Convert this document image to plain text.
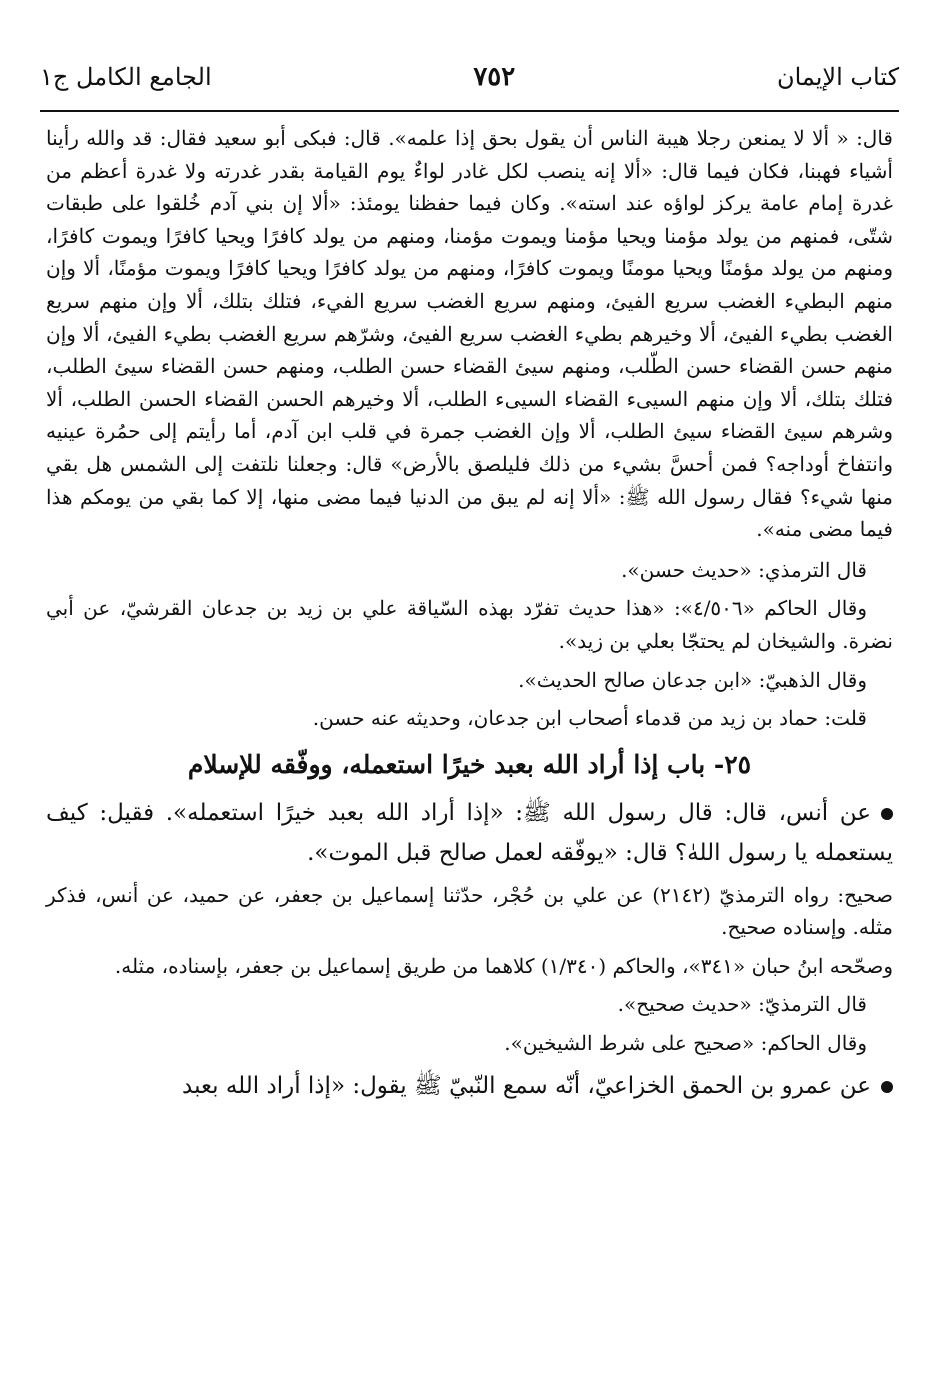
كتاب الإيمان
٧٥٢
الجامع الكامل ج١

قال: « ألا لا يمنعن رجلا هيبة الناس أن يقول بحق إذا علمه». قال: فبكى أبو سعيد فقال: قد والله رأينا أشياء فهبنا، فكان فيما قال: «ألا إنه ينصب لكل غادر لواءٌ يوم القيامة بقدر غدرته ولا غدرة أعظم من غدرة إمام عامة يركز لواؤه عند استه». وكان فيما حفظنا يومئذ: «ألا إن بني آدم خُلقوا على طبقات شتّى، فمنهم من يولد مؤمنا ويحيا مؤمنا ويموت مؤمنا، ومنهم من يولد كافرًا ويحيا كافرًا ويموت كافرًا، ومنهم من يولد مؤمنًا ويحيا مومنًا ويموت كافرًا، ومنهم من يولد كافرًا ويحيا كافرًا ويموت مؤمنًا، ألا وإن منهم البطيء الغضب سريع الفيئ، ومنهم سريع الغضب سريع الفيء، فتلك بتلك، ألا وإن منهم سريع الغضب بطيء الفيئ، ألا وخيرهم بطيء الغضب سريع الفيئ، وشرّهم سريع الغضب بطيء الفيئ، ألا وإن منهم حسن القضاء حسن الطّلب، ومنهم سيئ القضاء حسن الطلب، ومنهم حسن القضاء سيئ الطلب، فتلك بتلك، ألا وإن منهم السيىء القضاء السيىء الطلب، ألا وخيرهم الحسن القضاء الحسن الطلب، ألا وشرهم سيئ القضاء سيئ الطلب، ألا وإن الغضب جمرة في قلب ابن آدم، أما رأيتم إلى حمُرة عينيه وانتفاخ أوداجه؟ فمن أحسَّ بشيء من ذلك فليلصق بالأرض» قال: وجعلنا نلتفت إلى الشمس هل بقي منها شيء؟ فقال رسول الله ﷺ: «ألا إنه لم يبق من الدنيا فيما مضى منها، إلا كما بقي من يومكم هذا فيما مضى منه».

قال الترمذي: «حديث حسن».

وقال الحاكم «٤/٥٠٦»: «هذا حديث تفرّد بهذه السّياقة علي بن زيد بن جدعان القرشيّ، عن أبي نضرة. والشيخان لم يحتجّا بعلي بن زيد».

وقال الذهبيّ: «ابن جدعان صالح الحديث».

قلت: حماد بن زيد من قدماء أصحاب ابن جدعان، وحديثه عنه حسن.

٢٥- باب إذا أراد الله بعبد خيرًا استعمله، ووفّقه للإسلام

عن أنس، قال: قال رسول الله ﷺ: «إذا أراد الله بعبد خيرًا استعمله». فقيل: كيف يستعمله يا رسول اللهٰ؟ قال: «يوفّقه لعمل صالح قبل الموت».

صحيح: رواه الترمذيّ (٢١٤٢) عن علي بن حُجْر، حدّثنا إسماعيل بن جعفر، عن حميد، عن أنس، فذكر مثله. وإسناده صحيح.

وصحّحه ابنُ حبان «٣٤١»، والحاكم (١/٣٤٠) كلاهما من طريق إسماعيل بن جعفر، بإسناده، مثله.

قال الترمذيّ: «حديث صحيح».

وقال الحاكم: «صحيح على شرط الشيخين».

عن عمرو بن الحمق الخزاعيّ، أنّه سمع النّبيّ ﷺ يقول: «إذا أراد الله بعبد
